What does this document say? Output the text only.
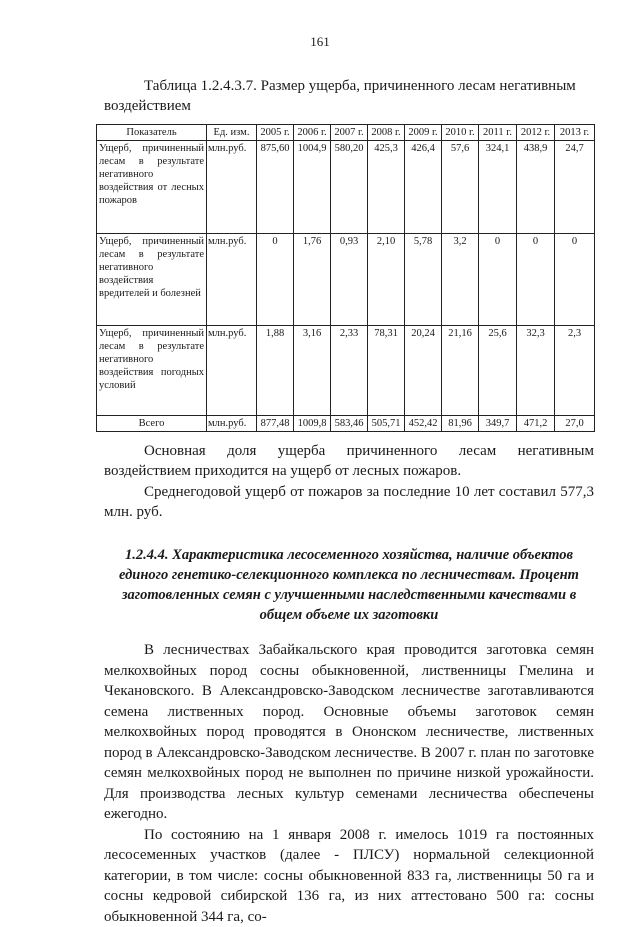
161
Таблица 1.2.4.3.7. Размер ущерба, причиненного лесам негативным
воздействием
Показатель	Ед. изм.	2005 г.	2006 г.	2007 г.	2008 г.	2009 г.	2010 г.	2011 г.	2012 г.	2013 г.
Ущерб, причиненный лесам в результате негативного воздействия от лесных пожаров	млн.руб.	875,60	1004,9	580,20	425,3	426,4	57,6	324,1	438,9	24,7
Ущерб, причиненный лесам в результате негативного воздействия вредителей и болезней	млн.руб.	0	1,76	0,93	2,10	5,78	3,2	0	0	0
Ущерб, причиненный лесам в результате негативного воздействия погодных условий	млн.руб.	1,88	3,16	2,33	78,31	20,24	21,16	25,6	32,3	2,3
Всего	млн.руб.	877,48	1009,8	583,46	505,71	452,42	81,96	349,7	471,2	27,0
Основная доля ущерба причиненного лесам негативным воздействием приходится на ущерб от лесных пожаров.
Среднегодовой ущерб от пожаров за последние 10 лет составил 577,3 млн. руб.
1.2.4.4. Характеристика лесосеменного хозяйства, наличие объектов единого генетико-селекционного комплекса по лесничествам. Процент заготовленных семян с улучшенными наследственными качествами в общем объеме их заготовки

В лесничествах Забайкальского края проводится заготовка семян мелкохвойных пород сосны обыкновенной, лиственницы Гмелина и Чекановского. В Александровско-Заводском лесничестве заготавливаются семена лиственных пород. Основные объемы заготовок семян мелкохвойных пород проводятся в Ононском лесничестве, лиственных пород в Александровско-Заводском лесничестве. В 2007 г. план по заготовке семян мелкохвойных пород не выполнен по причине низкой урожайности. Для производства лесных культур семенами лесничества обеспечены ежегодно.

По состоянию на 1 января 2008 г. имелось 1019 га постоянных лесосеменных участков (далее - ПЛСУ) нормальной селекционной категории, в том числе: сосны обыкновенной 833 га, лиственницы 50 га и сосны кедровой сибирской 136 га, из них аттестовано 500 га: сосны обыкновенной 344 га, со-
